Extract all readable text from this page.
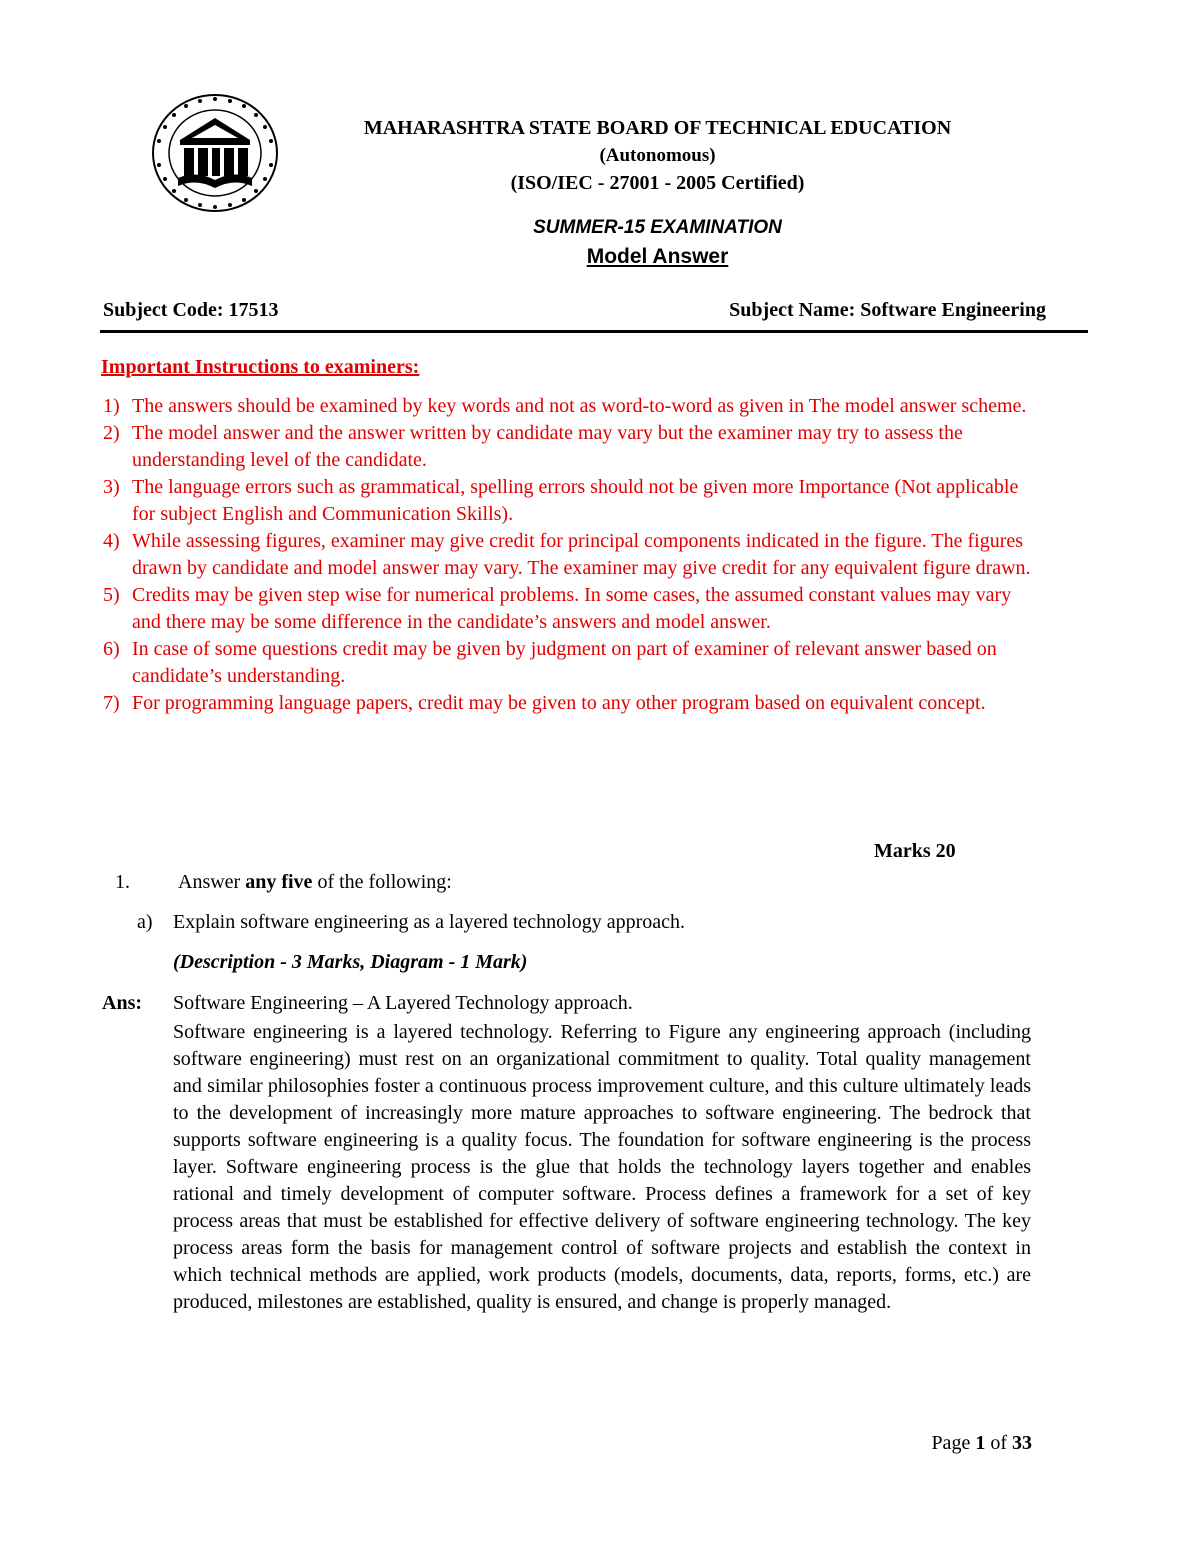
MAHARASHTRA STATE BOARD OF TECHNICAL EDUCATION
(Autonomous)
(ISO/IEC - 27001 - 2005 Certified)
SUMMER-15 EXAMINATION
Model Answer
Subject Code: 17513	Subject Name: Software Engineering
Important Instructions to examiners:
1) The answers should be examined by key words and not as word-to-word as given in The model answer scheme.
2) The model answer and the answer written by candidate may vary but the examiner may try to assess the understanding level of the candidate.
3) The language errors such as grammatical, spelling errors should not be given more Importance (Not applicable for subject English and Communication Skills).
4) While assessing figures, examiner may give credit for principal components indicated in the figure. The figures drawn by candidate and model answer may vary. The examiner may give credit for any equivalent figure drawn.
5) Credits may be given step wise for numerical problems. In some cases, the assumed constant values may vary and there may be some difference in the candidate’s answers and model answer.
6) In case of some questions credit may be given by judgment on part of examiner of relevant answer based on candidate’s understanding.
7) For programming language papers, credit may be given to any other program based on equivalent concept.
Marks 20
1. Answer any five of the following:
a) Explain software engineering as a layered technology approach.
(Description - 3 Marks, Diagram - 1 Mark)
Ans: Software Engineering – A Layered Technology approach.
Software engineering is a layered technology. Referring to Figure any engineering approach (including software engineering) must rest on an organizational commitment to quality. Total quality management and similar philosophies foster a continuous process improvement culture, and this culture ultimately leads to the development of increasingly more mature approaches to software engineering. The bedrock that supports software engineering is a quality focus. The foundation for software engineering is the process layer. Software engineering process is the glue that holds the technology layers together and enables rational and timely development of computer software. Process defines a framework for a set of key process areas that must be established for effective delivery of software engineering technology. The key process areas form the basis for management control of software projects and establish the context in which technical methods are applied, work products (models, documents, data, reports, forms, etc.) are produced, milestones are established, quality is ensured, and change is properly managed.
Page 1 of 33
